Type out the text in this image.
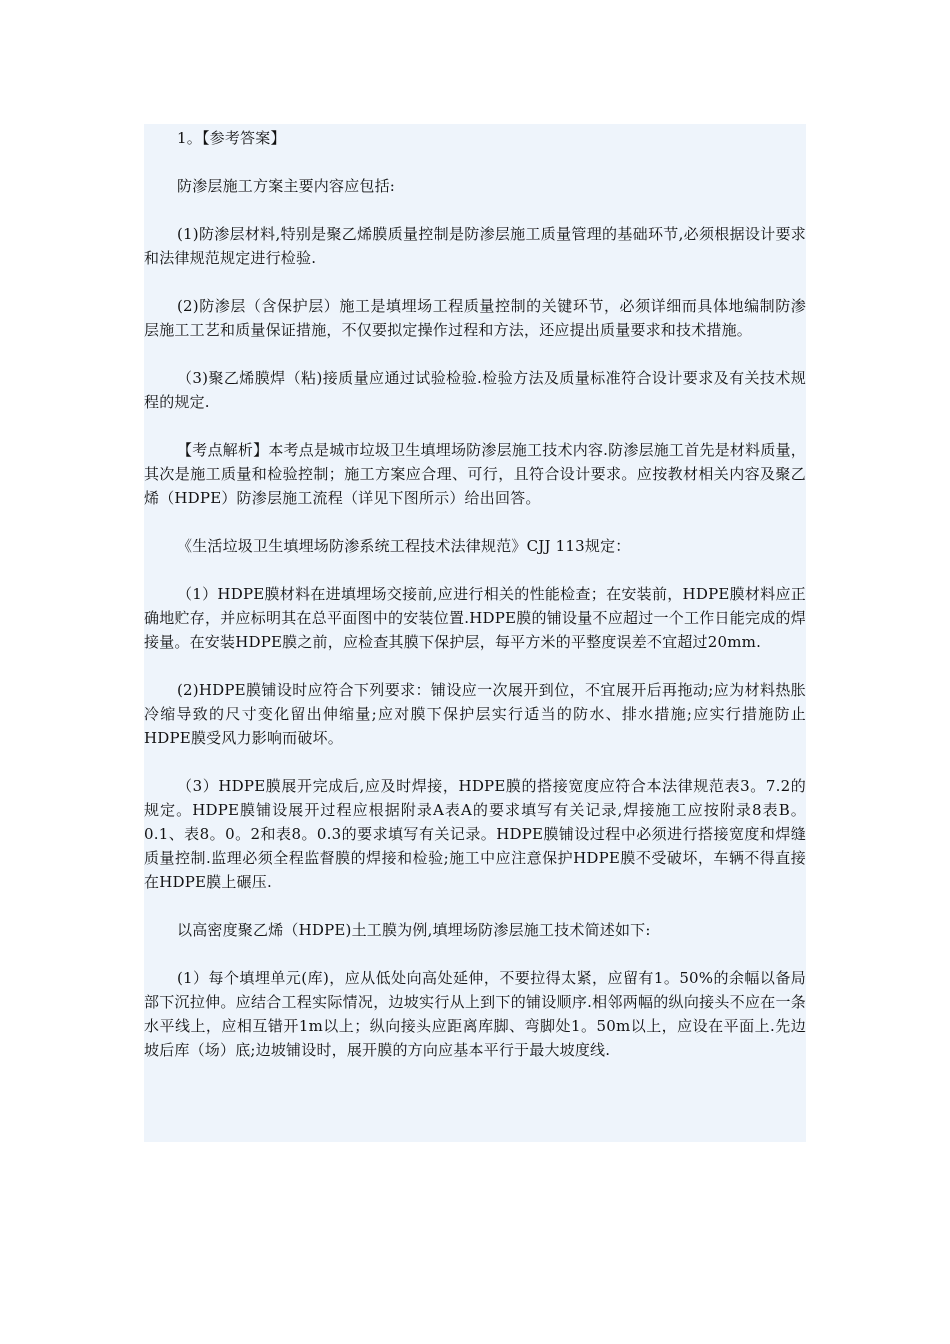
1。【参考答案】

防渗层施工方案主要内容应包括:

(1)防渗层材料,特别是聚乙烯膜质量控制是防渗层施工质量管理的基础环节,必须根据设计要求和法律规范规定进行检验.

(2)防渗层（含保护层）施工是填埋场工程质量控制的关键环节，必须详细而具体地编制防渗层施工工艺和质量保证措施，不仅要拟定操作过程和方法，还应提出质量要求和技术措施。

（3)聚乙烯膜焊（粘)接质量应通过试验检验.检验方法及质量标准符合设计要求及有关技术规程的规定.

【考点解析】本考点是城市垃圾卫生填埋场防渗层施工技术内容.防渗层施工首先是材料质量，其次是施工质量和检验控制；施工方案应合理、可行，且符合设计要求。应按教材相关内容及聚乙烯（HDPE）防渗层施工流程（详见下图所示）给出回答。

《生活垃圾卫生填埋场防渗系统工程技术法律规范》CJJ 113规定：

（1）HDPE膜材料在进填埋场交接前,应进行相关的性能检查；在安装前，HDPE膜材料应正确地贮存，并应标明其在总平面图中的安装位置.HDPE膜的铺设量不应超过一个工作日能完成的焊接量。在安装HDPE膜之前，应检查其膜下保护层，每平方米的平整度误差不宜超过20mm.

(2)HDPE膜铺设时应符合下列要求：铺设应一次展开到位，不宜展开后再拖动;应为材料热胀冷缩导致的尺寸变化留出伸缩量;应对膜下保护层实行适当的防水、排水措施;应实行措施防止HDPE膜受风力影响而破坏。

（3）HDPE膜展开完成后,应及时焊接，HDPE膜的搭接宽度应符合本法律规范表3。7.2的规定。HDPE膜铺设展开过程应根据附录A表A的要求填写有关记录,焊接施工应按附录8表B。0.1、表8。0。2和表8。0.3的要求填写有关记录。HDPE膜铺设过程中必须进行搭接宽度和焊缝质量控制.监理必须全程监督膜的焊接和检验;施工中应注意保护HDPE膜不受破坏，车辆不得直接在HDPE膜上碾压.

以高密度聚乙烯（HDPE)土工膜为例,填埋场防渗层施工技术简述如下:

(1）每个填埋单元(库)，应从低处向高处延伸，不要拉得太紧，应留有1。50%的余幅以备局部下沉拉伸。应结合工程实际情况，边坡实行从上到下的铺设顺序.相邻两幅的纵向接头不应在一条水平线上，应相互错开1m以上；纵向接头应距离库脚、弯脚处1。50m以上，应设在平面上.先边坡后库（场）底;边坡铺设时，展开膜的方向应基本平行于最大坡度线.
